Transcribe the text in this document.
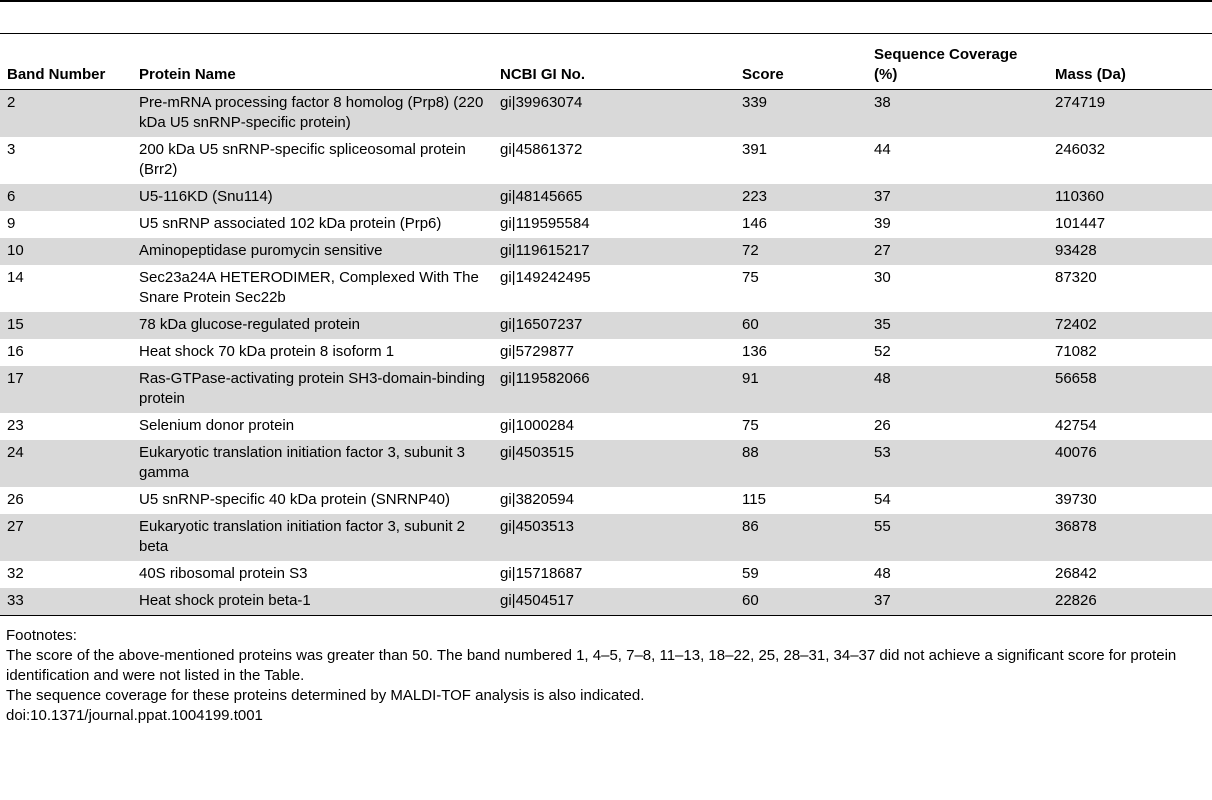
Band Number	Protein Name	NCBI GI No.	Score	Sequence Coverage (%)	Mass (Da)
2	Pre-mRNA processing factor 8 homolog (Prp8) (220 kDa U5 snRNP-specific protein)	gi|39963074	339	38	274719
3	200 kDa U5 snRNP-specific spliceosomal protein (Brr2)	gi|45861372	391	44	246032
6	U5-116KD (Snu114)	gi|48145665	223	37	110360
9	U5 snRNP associated 102 kDa protein (Prp6)	gi|119595584	146	39	101447
10	Aminopeptidase puromycin sensitive	gi|119615217	72	27	93428
14	Sec23a24A HETERODIMER, Complexed With The Snare Protein Sec22b	gi|149242495	75	30	87320
15	78 kDa glucose-regulated protein	gi|16507237	60	35	72402
16	Heat shock 70 kDa protein 8 isoform 1	gi|5729877	136	52	71082
17	Ras-GTPase-activating protein SH3-domain-binding protein	gi|119582066	91	48	56658
23	Selenium donor protein	gi|1000284	75	26	42754
24	Eukaryotic translation initiation factor 3, subunit 3 gamma	gi|4503515	88	53	40076
26	U5 snRNP-specific 40 kDa protein (SNRNP40)	gi|3820594	115	54	39730
27	Eukaryotic translation initiation factor 3, subunit 2 beta	gi|4503513	86	55	36878
32	40S ribosomal protein S3	gi|15718687	59	48	26842
33	Heat shock protein beta-1	gi|4504517	60	37	22826

Footnotes:

The score of the above-mentioned proteins was greater than 50. The band numbered 1, 4–5, 7–8, 11–13, 18–22, 25, 28–31, 34–37 did not achieve a significant score for protein identification and were not listed in the Table.

The sequence coverage for these proteins determined by MALDI-TOF analysis is also indicated.

doi:10.1371/journal.ppat.1004199.t001
